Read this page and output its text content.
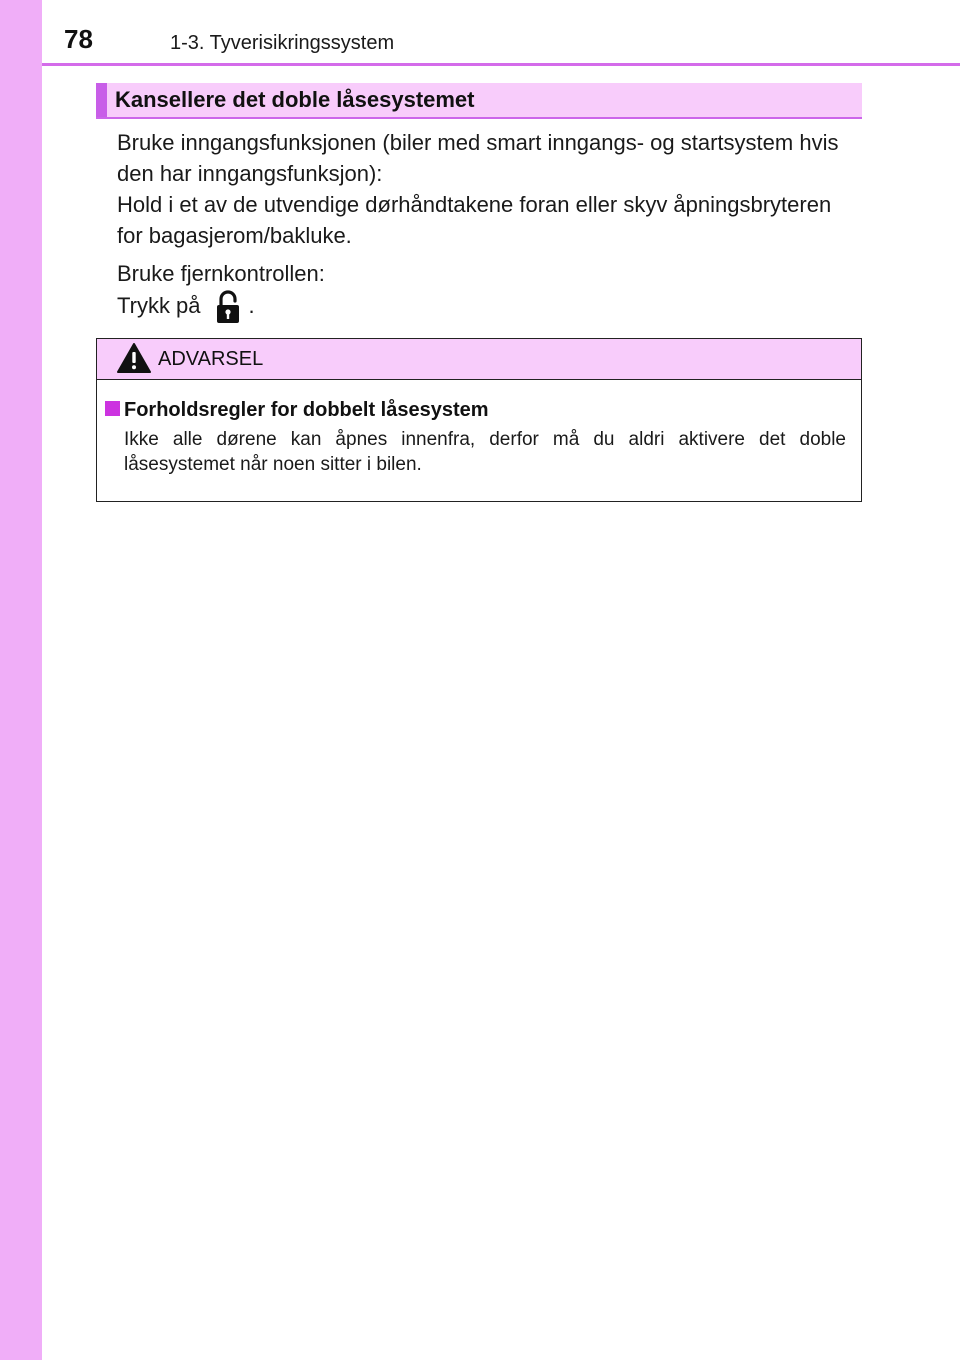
78	1-3. Tyverisikringssystem
Kansellere det doble låsesystemet

Bruke inngangsfunksjonen (biler med smart inngangs- og startsystem hvis den har inngangsfunksjon):

Hold i et av de utvendige dørhåndtakene foran eller skyv åpningsbryteren for bagasjerom/bakluke.

Bruke fjernkontrollen:

Trykk på .

ADVARSEL
Forholdsregler for dobbelt låsesystem
Ikke alle dørene kan åpnes innenfra, derfor må du aldri aktivere det doble låsesystemet når noen sitter i bilen.
